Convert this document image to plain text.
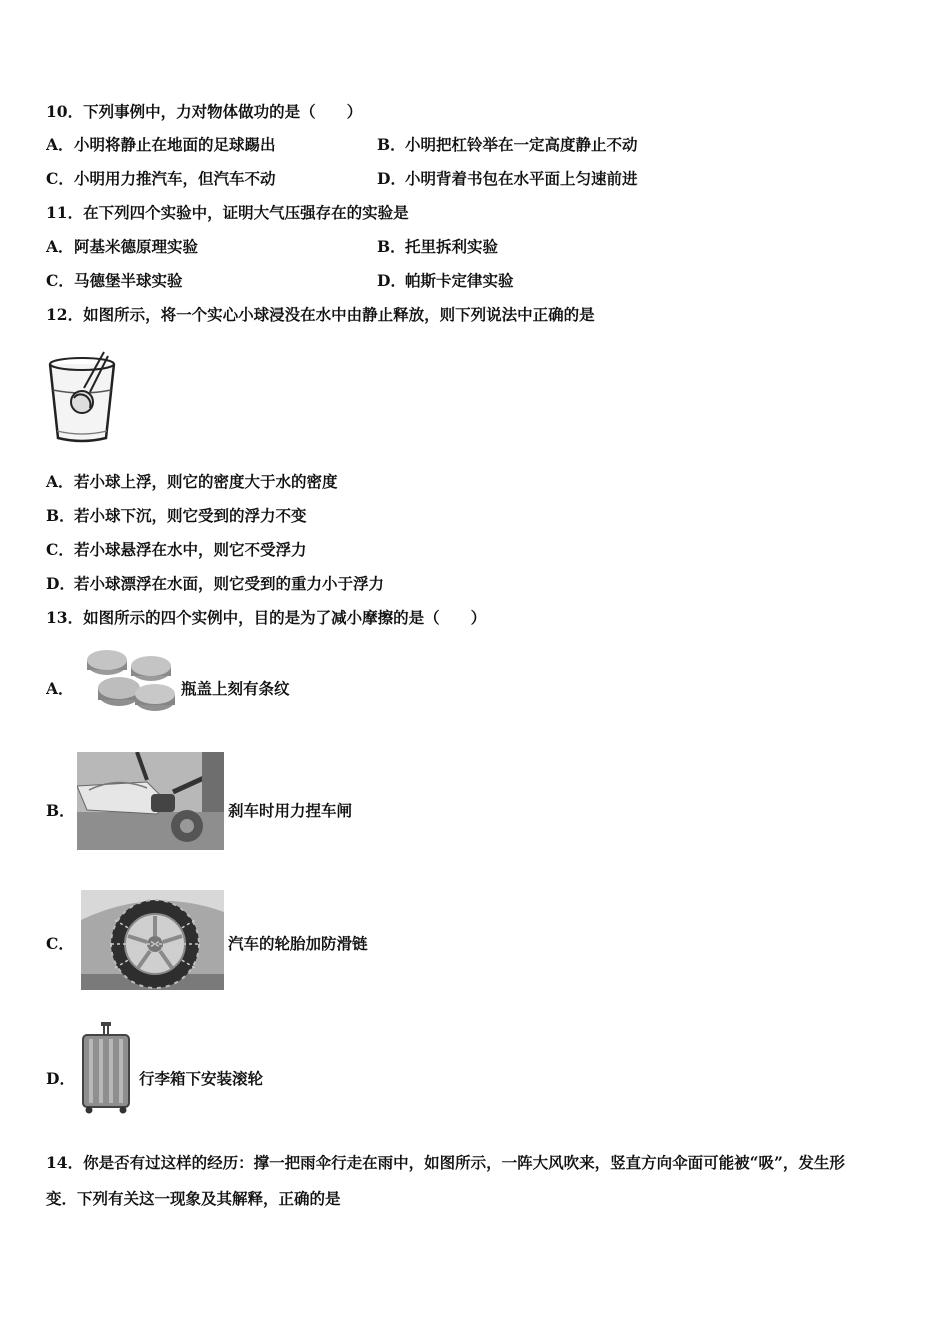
10．下列事例中，力对物体做功的是（　　）
A．小明将静止在地面的足球踢出	B．小明把杠铃举在一定高度静止不动
C．小明用力推汽车，但汽车不动	D．小明背着书包在水平面上匀速前进
11．在下列四个实验中，证明大气压强存在的实验是
A．阿基米德原理实验	B．托里拆利实验
C．马德堡半球实验	D．帕斯卡定律实验
12．如图所示，将一个实心小球浸没在水中由静止释放，则下列说法中正确的是
A．若小球上浮，则它的密度大于水的密度
B．若小球下沉，则它受到的浮力不变
C．若小球悬浮在水中，则它不受浮力
D．若小球漂浮在水面，则它受到的重力小于浮力
13．如图所示的四个实例中，目的是为了减小摩擦的是（　　）
A．	瓶盖上刻有条纹
B．	刹车时用力捏车闸
C．	汽车的轮胎加防滑链
D．	行李箱下安装滚轮
14．你是否有过这样的经历：撑一把雨伞行走在雨中，如图所示，一阵大风吹来，竖直方向伞面可能被“吸”，发生形
变．下列有关这一现象及其解释，正确的是
